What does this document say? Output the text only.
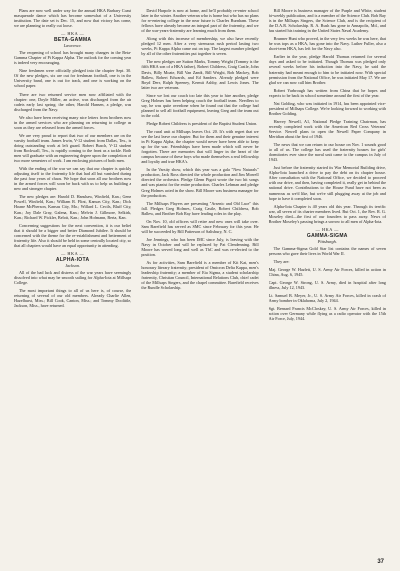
Plans are now well under way for the annual HKA Barbary Coast masquerade dance which has become somewhat of a University institution. The date set is Dec. 15, and now that victory has come, we are planning to really cut loose.

— HKA —
BETA-GAMMA
Lawrence.

The reopening of school has brought many changes in the Beta-Gamma Chapter of Pi Kappa Alpha. The outlook for the coming year is indeed very encouraging.

Nine freshmen were officially pledged into the chapter Sept. 30. Of the new pledges, six are out for freshman football, one is in the University band, one is out for track, and one is working on the school paper.

There are two returned service men now affiliated with the chapter: one, Doyle Miller, an active, was discharged from the air cadets early last spring; the other, Harold Hansen, a pledge, was discharged from the Navy.

We also have been receiving many nice letters from brothers now in the armed services who are planning on returning to college as soon as they are released from the armed forces.

We are very proud to report that two of our members are on the varsity football team. James Irwin, V-12 student from Dallas, Tex., is doing outstanding work at left guard. Robert Busch, V-12 student from Rockwall, Tex., is rapidly coming to the front as a tackle. Both men will graduate with an engineering degree upon the completion of two more semesters of work. I am enclosing pictures of both men.

With the ending of the war we can say that our chapter is quickly adjusting itself to the fraternity life that had all but vanished during the past four years of chaos. We hope that soon all our brothers now in the armed forces will soon be back with us to help us building a new and stronger chapter.

The new pledges are: Harold D. Hanshaw, Winfield, Kan.; Gene Powell, Winfield, Kan.; William R. Flint, Kansas City, Kan.; Dick Hoane McPherson, Kansas City, Mo.; Willard L. Cecils, Bluff City, Kan.; Joy Dale Gray, Galena, Kan.; Melvin J. Gillmore, Selkirk, Kan.; Richard W. Pickler, Beloit, Kan.; John Hofmann, Berta, Kan.

Concerning suggestions for the next convention, it is our belief that it should be a bigger and better Diamond Jubilee. It should be concerned with the theme for the re-establishment and betterment of fraternity life. Also it should be held in some centrally located city, so that all chapters would have an equal opportunity in attending.

— HKA —
ALPHA-IOTA
Jackson.

All of the bad luck and distress of the war years have seemingly dissolved into what may be smooth sailing for Alpha-Iota at Millsaps College.

The most important things to all of us here is, of course, the returning of several of our old members. Already Charlie Allen, Hazelhurst, Miss.; Bill Cook, Canton, Miss.; and Tommy Doolittle, Jackson, Miss., have returned.

David Harpole is now at home, and he'll probably re-enter school later in the winter. Another veteran who is home but who has no plans for re-entering college in the near future is Charles Burnham. These fellows have already become an integral part of the fraternity, and we of the war-years-fraternity are learning much from them.

Along with this increase of membership, we also have recently pledged 12 men. After a very strenuous rush period lasting two weeks, Pi Kappa Alpha came out on top. The largest number pledged by all of the other fraternities put together is seven.

The new pledges are Sutton Marks, Tommy Wright (Tommy is the fifth HKA son of a HKA father), Robert Childress, Craig Castle, John Davis, Billy Moate, Bill Van Zandt, Bill Wright, Bob Mackey, Bob Ballew, Robert Edwards, and Ed Sanders. Already pledged were Boyd Derr, Ralph Speeney, Kermit Ashby, and Lewis Jones. The latter two are veterans.

Since we lost our coach too late this year to hire another, pledge Greg Holmes has been helping coach the football team. Needless to say, he was quite overdone when he found out that the college had planned to sell all football equipment, leaving Greg and the team out in the cold.

Pledge Robert Childress is president of the Baptist Student Union.

The rural unit at Millsaps leaves Oct. 20. It's with regret that we see the last leave our chapter. But for them and their genuine interest in Pi Kappa Alpha, the chapter would never have been able to keep up for the war. Friendships have been made which will never be forgotten. There are memories that will linger in the heart of the campus because of these boys who made themselves a real fellowship and loyalty and true HKA's.

In the Varsity show, which this year was a gala "New Naturals" production, Jack Ross directed the whole production and Jim Morrell directed the orchestra. Pledge Glenn Pigott wrote the two hit songs and was pianist for the entire production. Charles Lehman and pledge Greg Holmes acted in the show. Bill Moore was business manager for the production.

The Millsaps Players are presenting "Arsenic and Old Lace" this fall. Pledges Greg Holmes, Craig Castle, Robert Childress, Bob Ballew, and Brother Bob Ray have leading roles in the play.

On Nov. 10, old officers will retire and new ones will take over. Sam Barefield has served as SMC since February for this year. He will be succeeded by Bill Patterson of Salisbury, N. C.

Joe Jennings, who has been IMC since July, is leaving with the Navy in October and will be replaced by Pat Clendenning. Bill Moore has served long and well as ThC and was re-elected to the position.

As for activities, Sam Barefield is a member of Kit Kat, men's honorary literary fraternity; president of Omicron Delta Kappa, men's leadership fraternity; a member of Eta Sigma, a student scholarship fraternity, Christian Council, International Relations Club, chief cadet of the Millsaps Singers, and the chapel committee. Barefield receives the Rundle Scholarship.

Bill Moore is business manager of the Purple and White, student bi-weekly publication, and is a member of the Science Club. Bob Ray is in the Millsaps Singers, the Science Club, and is the recipient of the D.A.R. Scholarship. R. A. Bush has gone to Annapolis, Md., and has started his training in the United States Naval Academy.

Brunner Hunt who proved, in the very few weeks he was here, that he was tops as a HKA, has gone into the Navy. Luther Fuller, also a short-term HKA, has left for the Navy also.

Earlier in the year, pledge Harold Thomas returned for several days and asked to be initiated. Though Thomas was pledged only several weeks before his induction into the Navy, he said the fraternity had meant enough to him to be initiated now. With special permission from the National Office, he was initiated May 17. We are glad we can now call him Brother.

Robert Yarbrough has written from China that he hopes and expects to be back in school sometime around the first of the year.

Nat Golding, who was initiated in 1914, has been appointed vice-president of Millsaps College. We're looking forward to working with Brother Golding.

Harvey Newell, A1, National Pledge Training Chairman, has recently completed work with the American Red Cross Veterans' Service. Newell plans to open the Newell Paper Company in Meridian about the first of 1946.

The news that we can return to our house on Nov. 1 sounds good to all of us. The college has used the fraternity houses for girls' dormitories ever since the naval unit came to the campus in July of 1943.

Just before the fraternity started its War Memorial Building drive, Alpha-Iota launched a drive to pay the debt on its chapter house. After consultation with the National Office, we decided to proceed with our drive, and then, having completed it, really get in behind the national drive. Contributions to the House Fund have not been as numerous as we'd like, but we're still plugging away at the job and hope to have it completed soon.

Alpha-Iota Chapter is 40 years old this year. Through its terrific war, all seven of its charter members lived. But Oct. 1, the Rev. R. G. Moseley died—the first of our founders to pass away. News of Brother Moseley's passing brings a sorrow to all men of Alpha-Iota.

— HKA —
GAMMA-SIGMA
Pittsburgh.

The Gamma-Sigma Gold Star list contains the names of seven persons who gave their lives in World War II.

They are:

Maj. George W. Hazlett, U. S. Army Air Forces, killed in action in China, Aug. 6, 1945.

Capt. George W. Strong, U. S. Army, died in hospital after long illness, July 12, 1943.

Lt. Samuel B. Meyer, Jr., U. S. Army Air Forces, killed in crash of Army bomber in Oklahoma, July 2, 1944.

Sgt. Bernard Francis McCloskey, U. S. Army Air Forces, killed in action over Germany while flying as a radio operator with the 15th Air Force, July, 1944.

37
